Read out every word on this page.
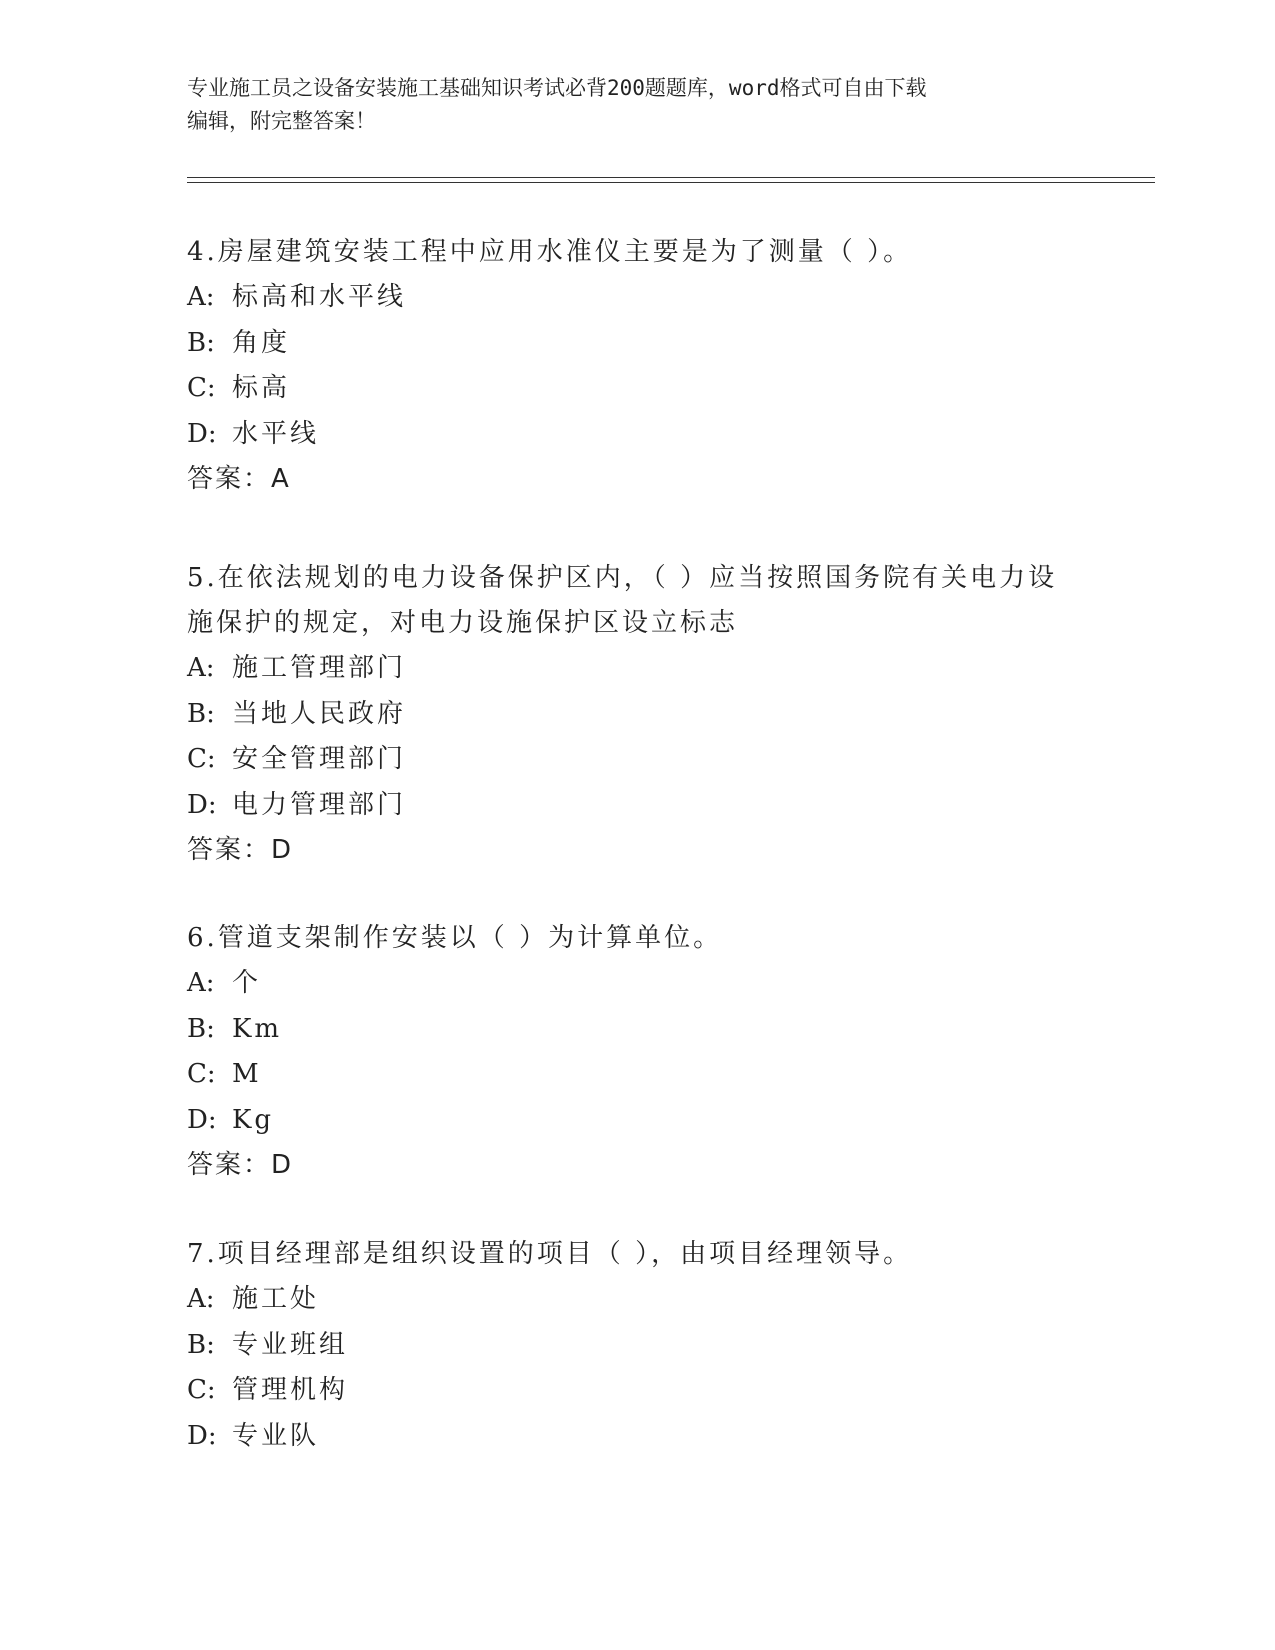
专业施工员之设备安装施工基础知识考试必背200题题库，word格式可自由下载
编辑，附完整答案！
4.房屋建筑安装工程中应用水准仪主要是为了测量（ ）。
A: 标高和水平线
B: 角度
C: 标高
D: 水平线
答案：A
5.在依法规划的电力设备保护区内，（ ）应当按照国务院有关电力设
施保护的规定，对电力设施保护区设立标志
A: 施工管理部门
B: 当地人民政府
C: 安全管理部门
D: 电力管理部门
答案：D
6.管道支架制作安装以（ ）为计算单位。
A: 个
B: Km
C: M
D: Kg
答案：D
7.项目经理部是组织设置的项目（ ），由项目经理领导。
A: 施工处
B: 专业班组
C: 管理机构
D: 专业队
